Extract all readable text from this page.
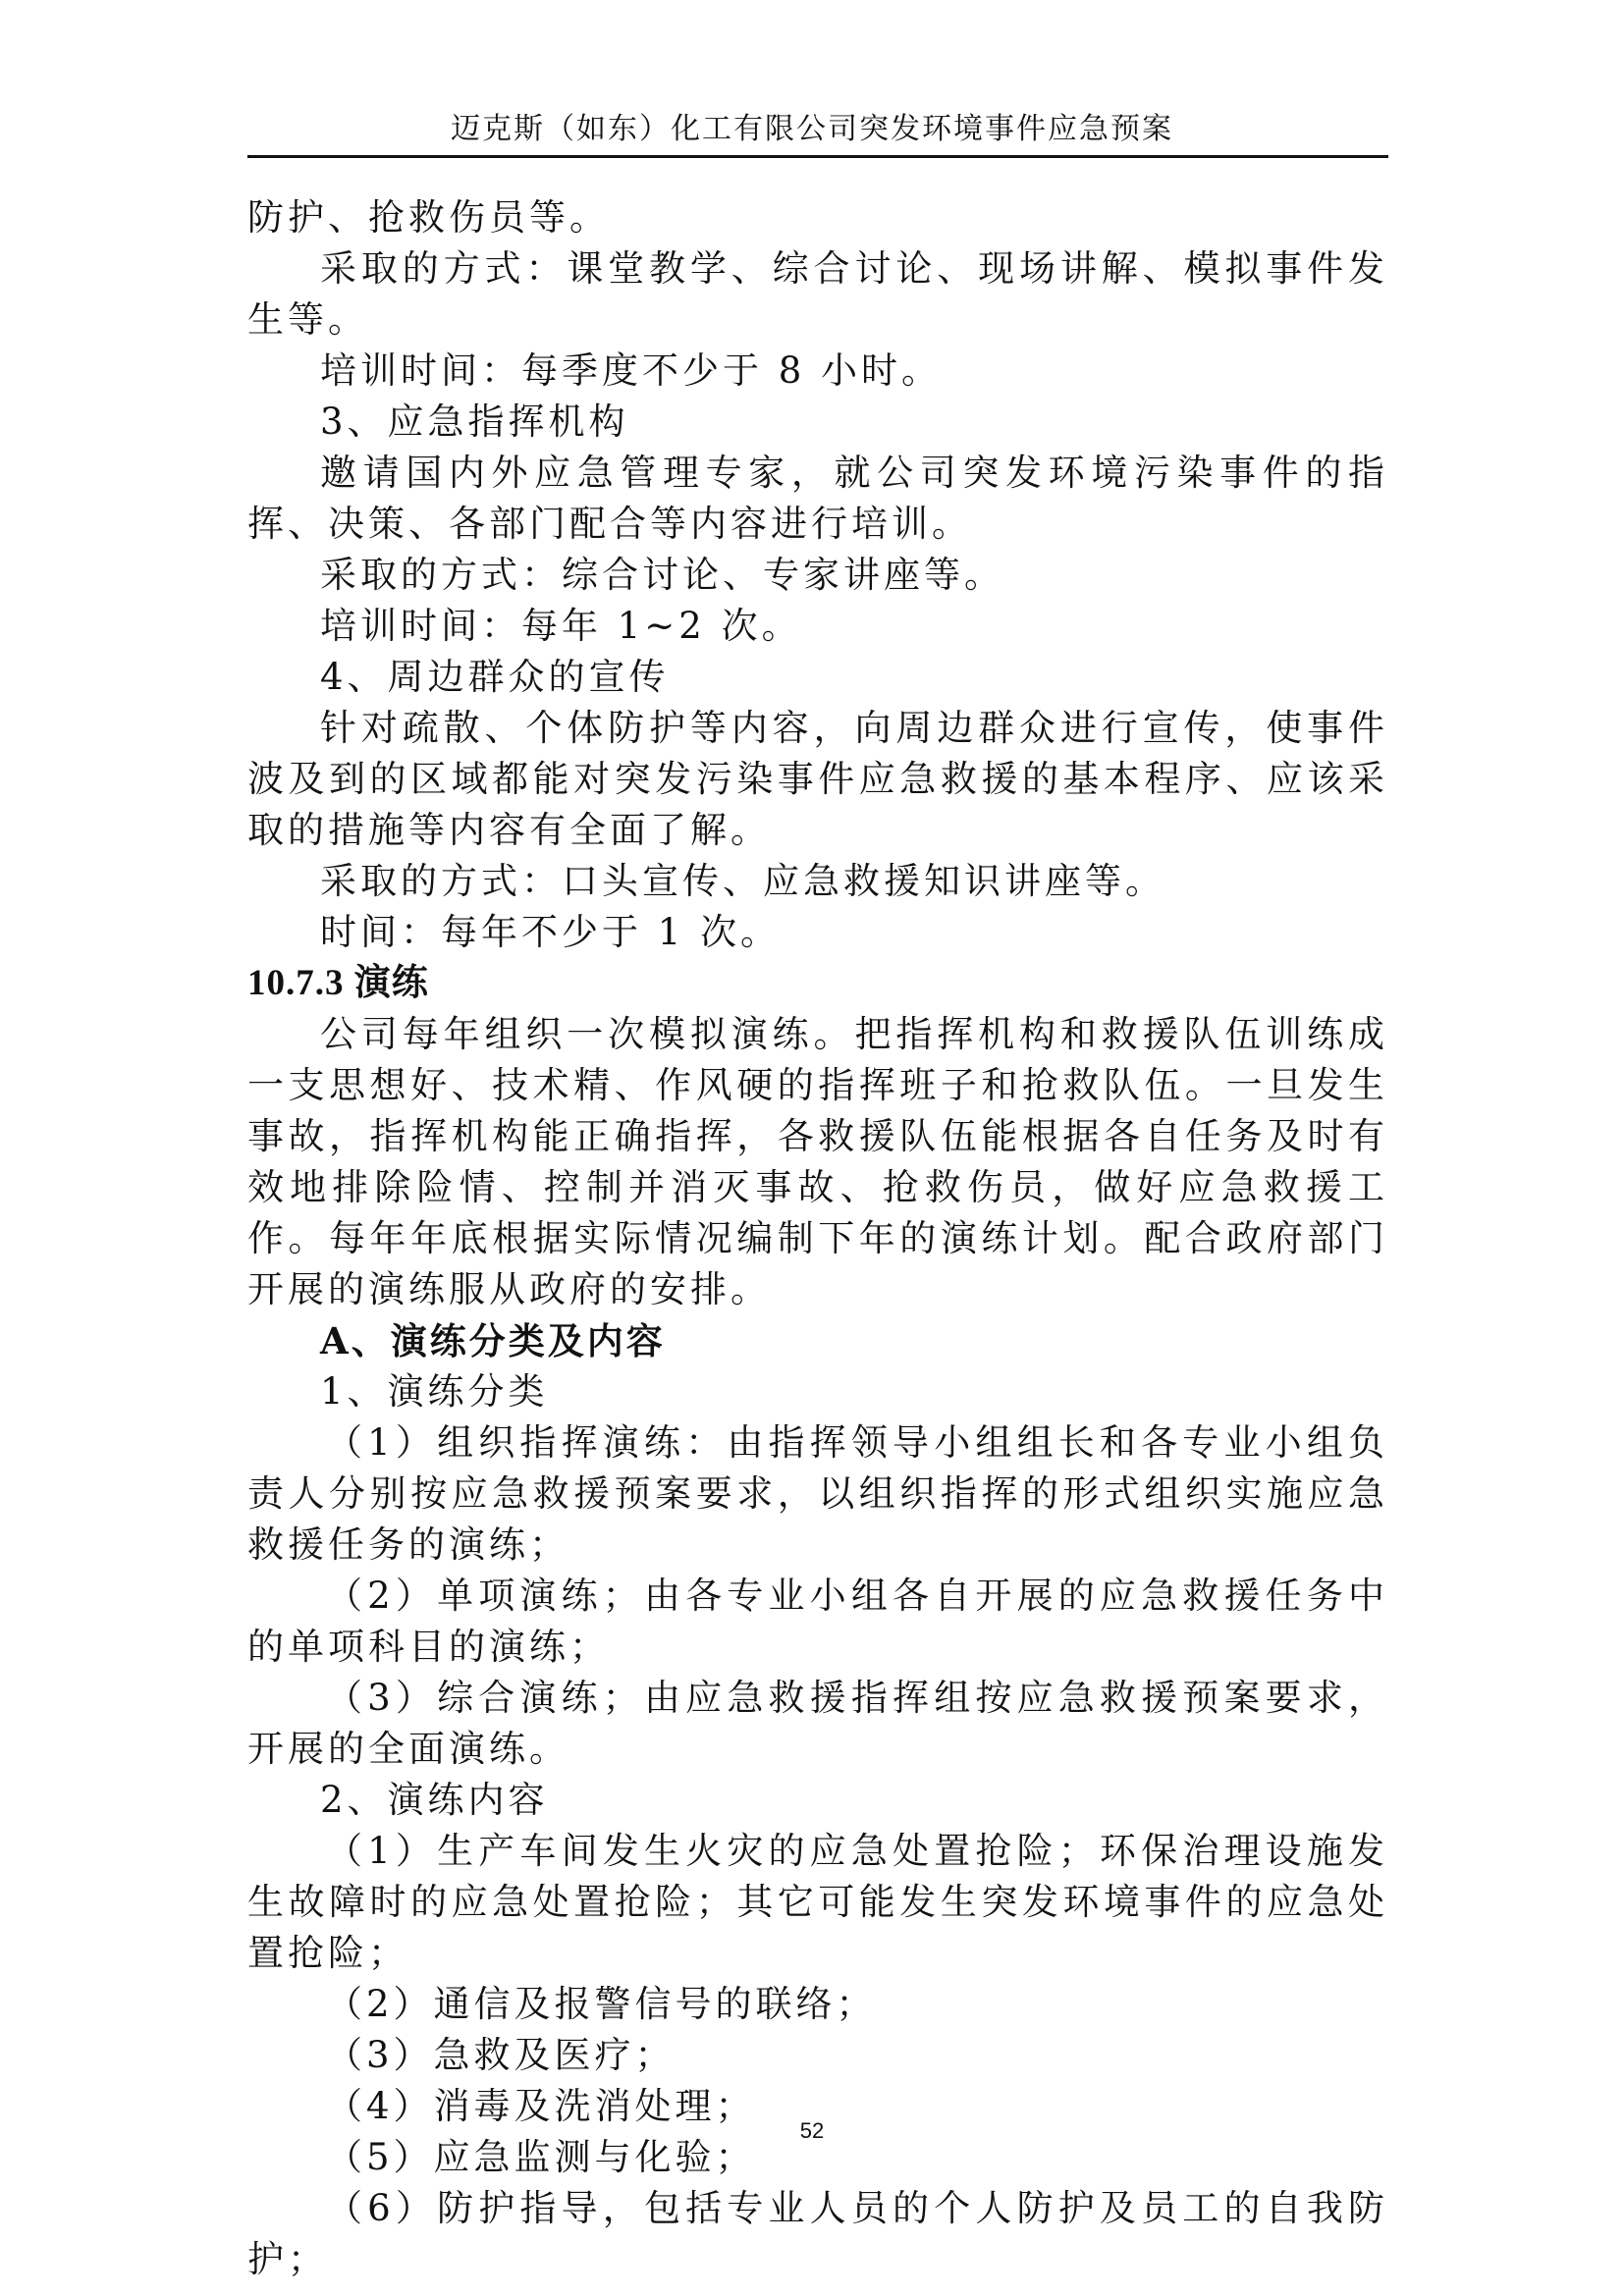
迈克斯（如东）化工有限公司突发环境事件应急预案

防护、抢救伤员等。

采取的方式：课堂教学、综合讨论、现场讲解、模拟事件发生等。

培训时间：每季度不少于 8 小时。

3、应急指挥机构

邀请国内外应急管理专家，就公司突发环境污染事件的指挥、决策、各部门配合等内容进行培训。

采取的方式：综合讨论、专家讲座等。

培训时间：每年 1~2 次。

4、周边群众的宣传

针对疏散、个体防护等内容，向周边群众进行宣传，使事件波及到的区域都能对突发污染事件应急救援的基本程序、应该采取的措施等内容有全面了解。

采取的方式：口头宣传、应急救援知识讲座等。

时间：每年不少于 1 次。

10.7.3 演练

公司每年组织一次模拟演练。把指挥机构和救援队伍训练成一支思想好、技术精、作风硬的指挥班子和抢救队伍。一旦发生事故，指挥机构能正确指挥，各救援队伍能根据各自任务及时有效地排除险情、控制并消灭事故、抢救伤员，做好应急救援工作。每年年底根据实际情况编制下年的演练计划。配合政府部门开展的演练服从政府的安排。

A、演练分类及内容

1、演练分类

（1）组织指挥演练：由指挥领导小组组长和各专业小组负责人分别按应急救援预案要求，以组织指挥的形式组织实施应急救援任务的演练；

（2）单项演练；由各专业小组各自开展的应急救援任务中的单项科目的演练；

（3）综合演练；由应急救援指挥组按应急救援预案要求，开展的全面演练。

2、演练内容

（1）生产车间发生火灾的应急处置抢险；环保治理设施发生故障时的应急处置抢险；其它可能发生突发环境事件的应急处置抢险；

（2）通信及报警信号的联络；

（3）急救及医疗；

（4）消毒及洗消处理；

（5）应急监测与化验；

（6）防护指导，包括专业人员的个人防护及员工的自我防护；

52
